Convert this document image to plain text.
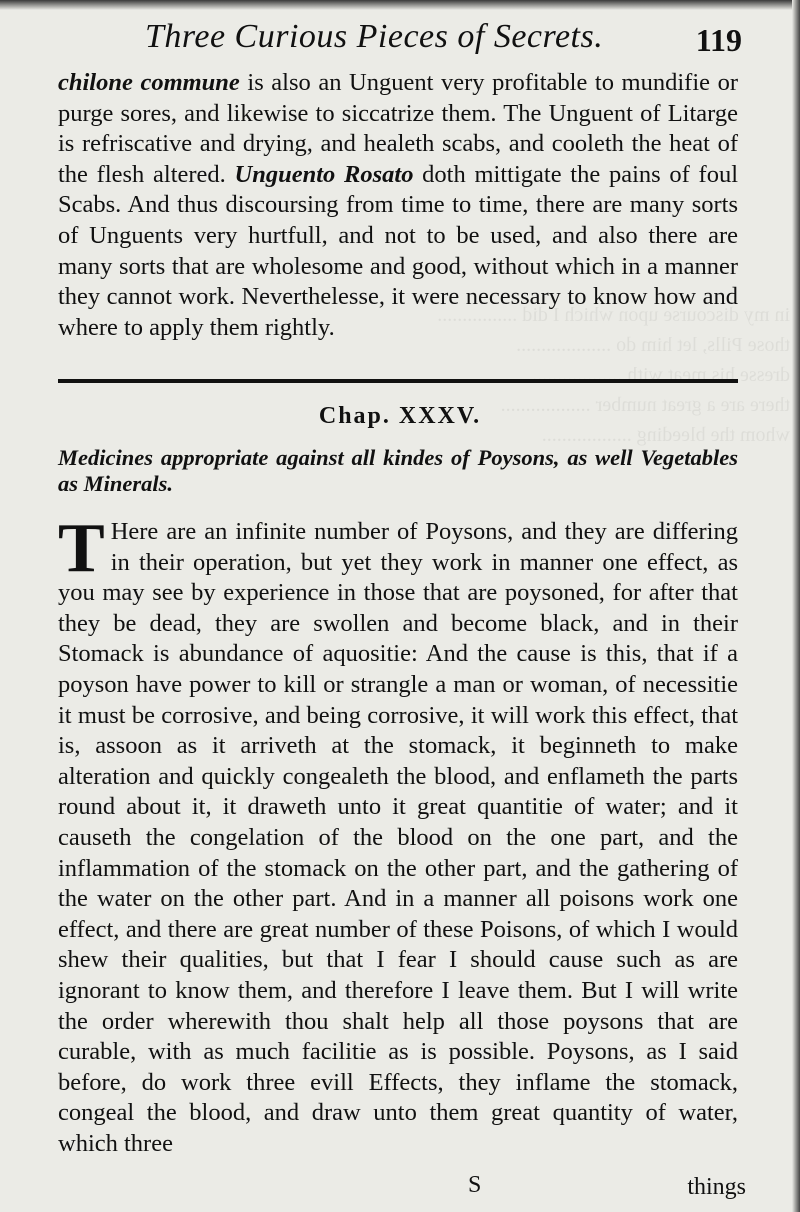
in my discourse upon which I did ................
those Pills, let him do ...................
dresse his meat with ..................
there are a great number ..................
whom the bleeding ..................
Three Curious Pieces of Secrets.	119

chilone commune is also an Unguent very profitable to mundifie or purge sores, and likewise to siccatrize them. The Unguent of Litarge is refriscative and drying, and healeth scabs, and cooleth the heat of the flesh altered. Unguento Rosato doth mittigate the pains of foul Scabs. And thus discoursing from time to time, there are many sorts of Unguents very hurtfull, and not to be used, and also there are many sorts that are wholesome and good, without which in a manner they cannot work. Neverthelesse, it were necessary to know how and where to apply them rightly.

Chap. XXXV.

Medicines appropriate against all kindes of Poysons, as well Vegetables as Minerals.

T Here are an infinite number of Poysons, and they are differing in their operation, but yet they work in manner one effect, as you may see by experience in those that are poysoned, for after that they be dead, they are swollen and become black, and in their Stomack is abundance of aquositie: And the cause is this, that if a poyson have power to kill or strangle a man or woman, of necessitie it must be corrosive, and being corrosive, it will work this effect, that is, assoon as it arriveth at the stomack, it beginneth to make alteration and quickly congealeth the blood, and enflameth the parts round about it, it draweth unto it great quantitie of water; and it causeth the congelation of the blood on the one part, and the inflammation of the stomack on the other part, and the gathering of the water on the other part. And in a manner all poisons work one effect, and there are great number of these Poisons, of which I would shew their qualities, but that I fear I should cause such as are ignorant to know them, and therefore I leave them. But I will write the order wherewith thou shalt help all those poysons that are curable, with as much facilitie as is possible. Poysons, as I said before, do work three evill Effects, they inflame the stomack, congeal the blood, and draw unto them great quantity of water, which three

S	things
